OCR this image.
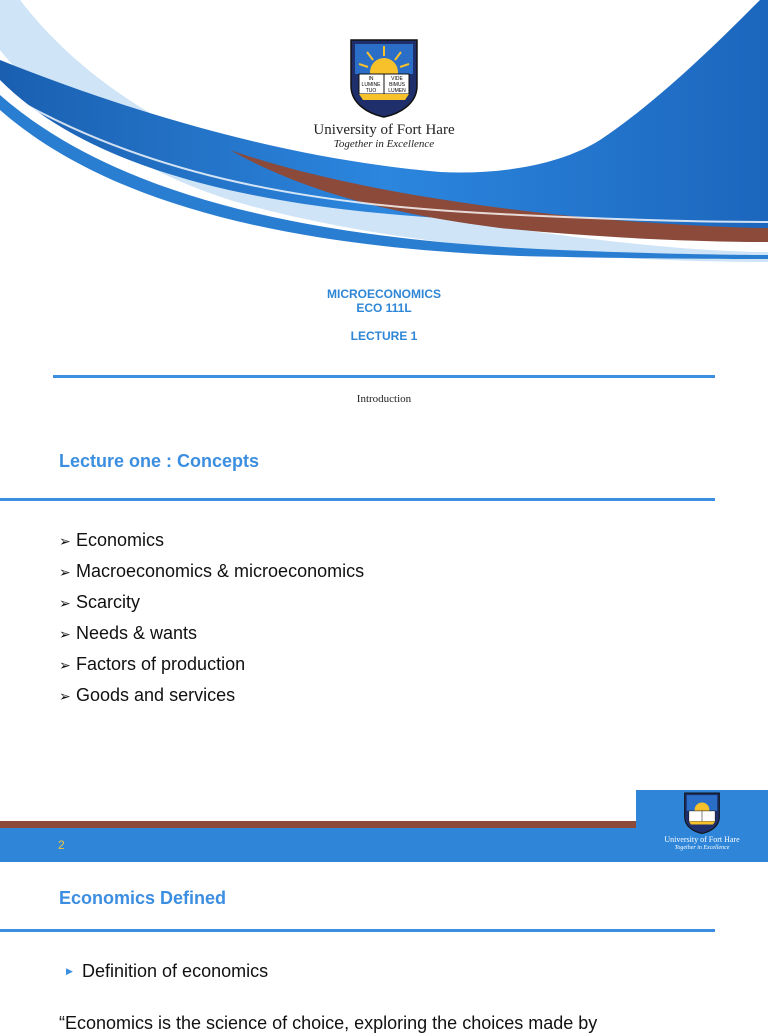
IN
LUMINE
TUO
VIDE
BIMUS
LUMEN
University of Fort Hare
Together in Excellence
MICROECONOMICS
ECO 111L
LECTURE 1
Introduction
Lecture one : Concepts
➢ Economics
➢ Macroeconomics & microeconomics
➢ Scarcity
➢ Needs & wants
➢ Factors of production
➢ Goods and services
2	University of Fort Hare
Together in Excellence
Economics Defined
▶ Definition of economics
“Economics is the science of choice, exploring the choices made by
